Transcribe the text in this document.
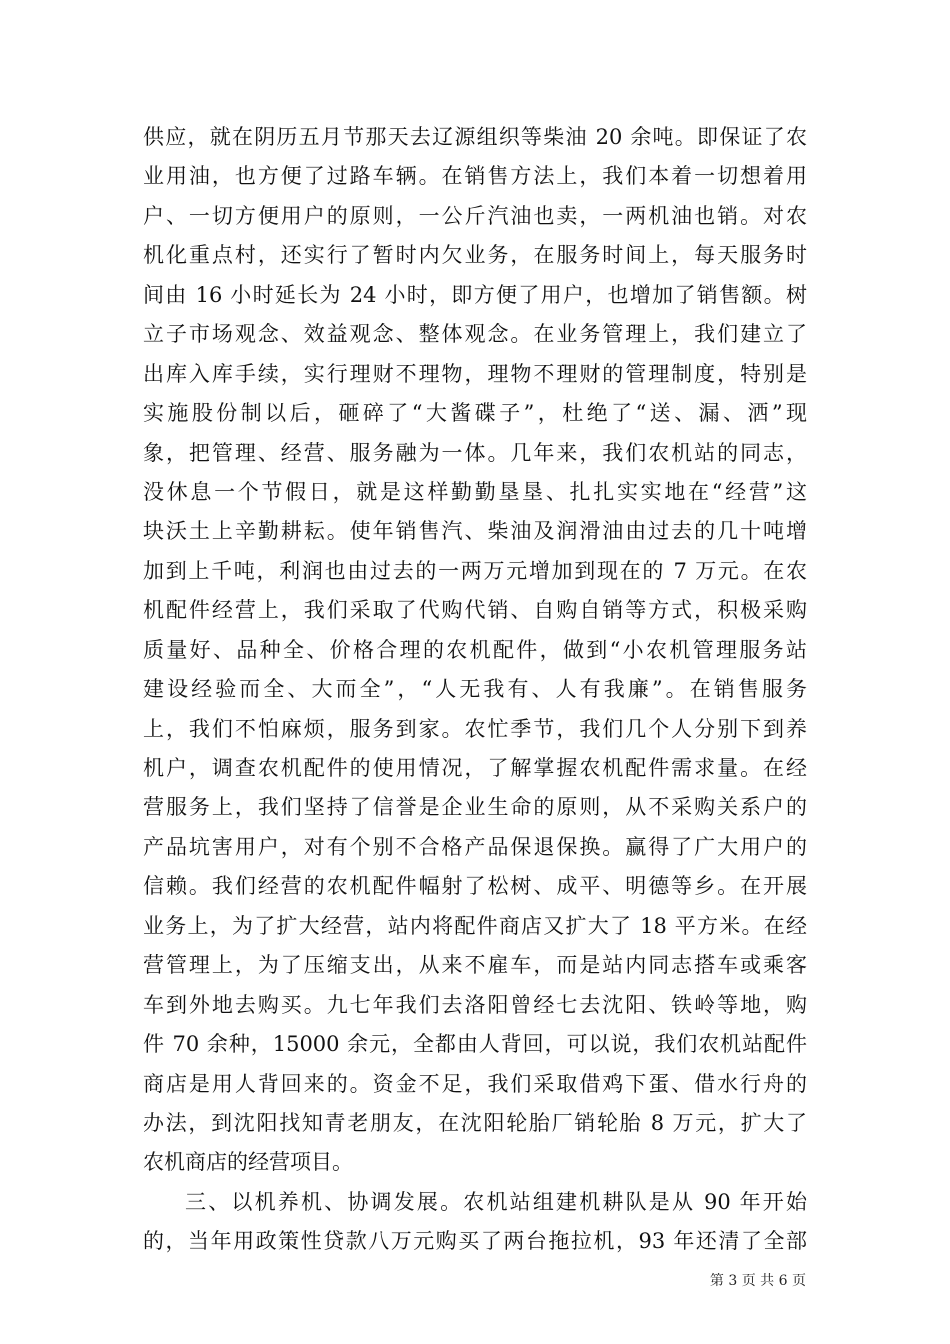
供应，就在阴历五月节那天去辽源组织等柴油 20 余吨。即保证了农
业用油，也方便了过路车辆。在销售方法上，我们本着一切想着用
户、一切方便用户的原则，一公斤汽油也卖，一两机油也销。对农
机化重点村，还实行了暂时内欠业务，在服务时间上，每天服务时
间由 16 小时延长为 24 小时，即方便了用户，也增加了销售额。树
立子市场观念、效益观念、整体观念。在业务管理上，我们建立了
出库入库手续，实行理财不理物，理物不理财的管理制度，特别是
实施股份制以后，砸碎了“大酱碟子”，杜绝了“送、漏、洒”现
象，把管理、经营、服务融为一体。几年来，我们农机站的同志，
没休息一个节假日，就是这样勤勤垦垦、扎扎实实地在“经营”这
块沃土上辛勤耕耘。使年销售汽、柴油及润滑油由过去的几十吨增
加到上千吨，利润也由过去的一两万元增加到现在的 7 万元。在农
机配件经营上，我们采取了代购代销、自购自销等方式，积极采购
质量好、品种全、价格合理的农机配件，做到“小农机管理服务站
建设经验而全、大而全”，“人无我有、人有我廉”。在销售服务
上，我们不怕麻烦，服务到家。农忙季节，我们几个人分别下到养
机户，调查农机配件的使用情况，了解掌握农机配件需求量。在经
营服务上，我们坚持了信誉是企业生命的原则，从不采购关系户的
产品坑害用户，对有个别不合格产品保退保换。赢得了广大用户的
信赖。我们经营的农机配件幅射了松树、成平、明德等乡。在开展
业务上，为了扩大经营，站内将配件商店又扩大了 18 平方米。在经
营管理上，为了压缩支出，从来不雇车，而是站内同志搭车或乘客
车到外地去购买。九七年我们去洛阳曾经七去沈阳、铁岭等地，购
件 70 余种，15000 余元，全都由人背回，可以说，我们农机站配件
商店是用人背回来的。资金不足，我们采取借鸡下蛋、借水行舟的
办法，到沈阳找知青老朋友，在沈阳轮胎厂销轮胎 8 万元，扩大了
农机商店的经营项目。
三、以机养机、协调发展。农机站组建机耕队是从 90 年开始
的，当年用政策性贷款八万元购买了两台拖拉机，93 年还清了全部
第 3 页 共 6 页
